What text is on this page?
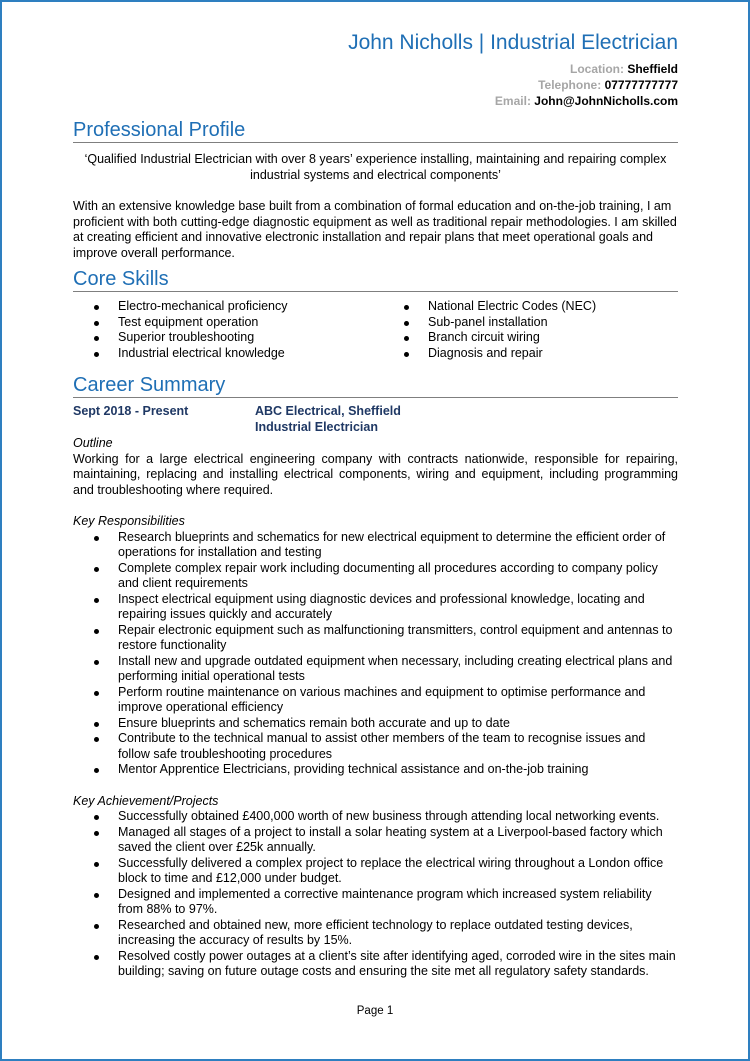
John Nicholls | Industrial Electrician
Location: Sheffield
Telephone: 07777777777
Email: John@JohnNicholls.com
Professional Profile

‘Qualified Industrial Electrician with over 8 years’ experience installing, maintaining and repairing complex industrial systems and electrical components’

With an extensive knowledge base built from a combination of formal education and on-the-job training, I am proficient with both cutting-edge diagnostic equipment as well as traditional repair methodologies. I am skilled at creating efficient and innovative electronic installation and repair plans that meet operational goals and improve overall performance.

Core Skills
Electro-mechanical proficiency
Test equipment operation
Superior troubleshooting
Industrial electrical knowledge
National Electric Codes (NEC)
Sub-panel installation
Branch circuit wiring
Diagnosis and repair
Career Summary
Sept 2018 - Present	ABC Electrical, Sheffield
Industrial Electrician
Outline

Working for a large electrical engineering company with contracts nationwide, responsible for repairing, maintaining, replacing and installing electrical components, wiring and equipment, including programming and troubleshooting where required.

Key Responsibilities
Research blueprints and schematics for new electrical equipment to determine the efficient order of operations for installation and testing
Complete complex repair work including documenting all procedures according to company policy and client requirements
Inspect electrical equipment using diagnostic devices and professional knowledge, locating and repairing issues quickly and accurately
Repair electronic equipment such as malfunctioning transmitters, control equipment and antennas to restore functionality
Install new and upgrade outdated equipment when necessary, including creating electrical plans and performing initial operational tests
Perform routine maintenance on various machines and equipment to optimise performance and improve operational efficiency
Ensure blueprints and schematics remain both accurate and up to date
Contribute to the technical manual to assist other members of the team to recognise issues and follow safe troubleshooting procedures
Mentor Apprentice Electricians, providing technical assistance and on-the-job training
Key Achievement/Projects
Successfully obtained £400,000 worth of new business through attending local networking events.
Managed all stages of a project to install a solar heating system at a Liverpool-based factory which saved the client over £25k annually.
Successfully delivered a complex project to replace the electrical wiring throughout a London office block to time and £12,000 under budget.
Designed and implemented a corrective maintenance program which increased system reliability from 88% to 97%.
Researched and obtained new, more efficient technology to replace outdated testing devices, increasing the accuracy of results by 15%.
Resolved costly power outages at a client’s site after identifying aged, corroded wire in the sites main building; saving on future outage costs and ensuring the site met all regulatory safety standards.
Page 1
